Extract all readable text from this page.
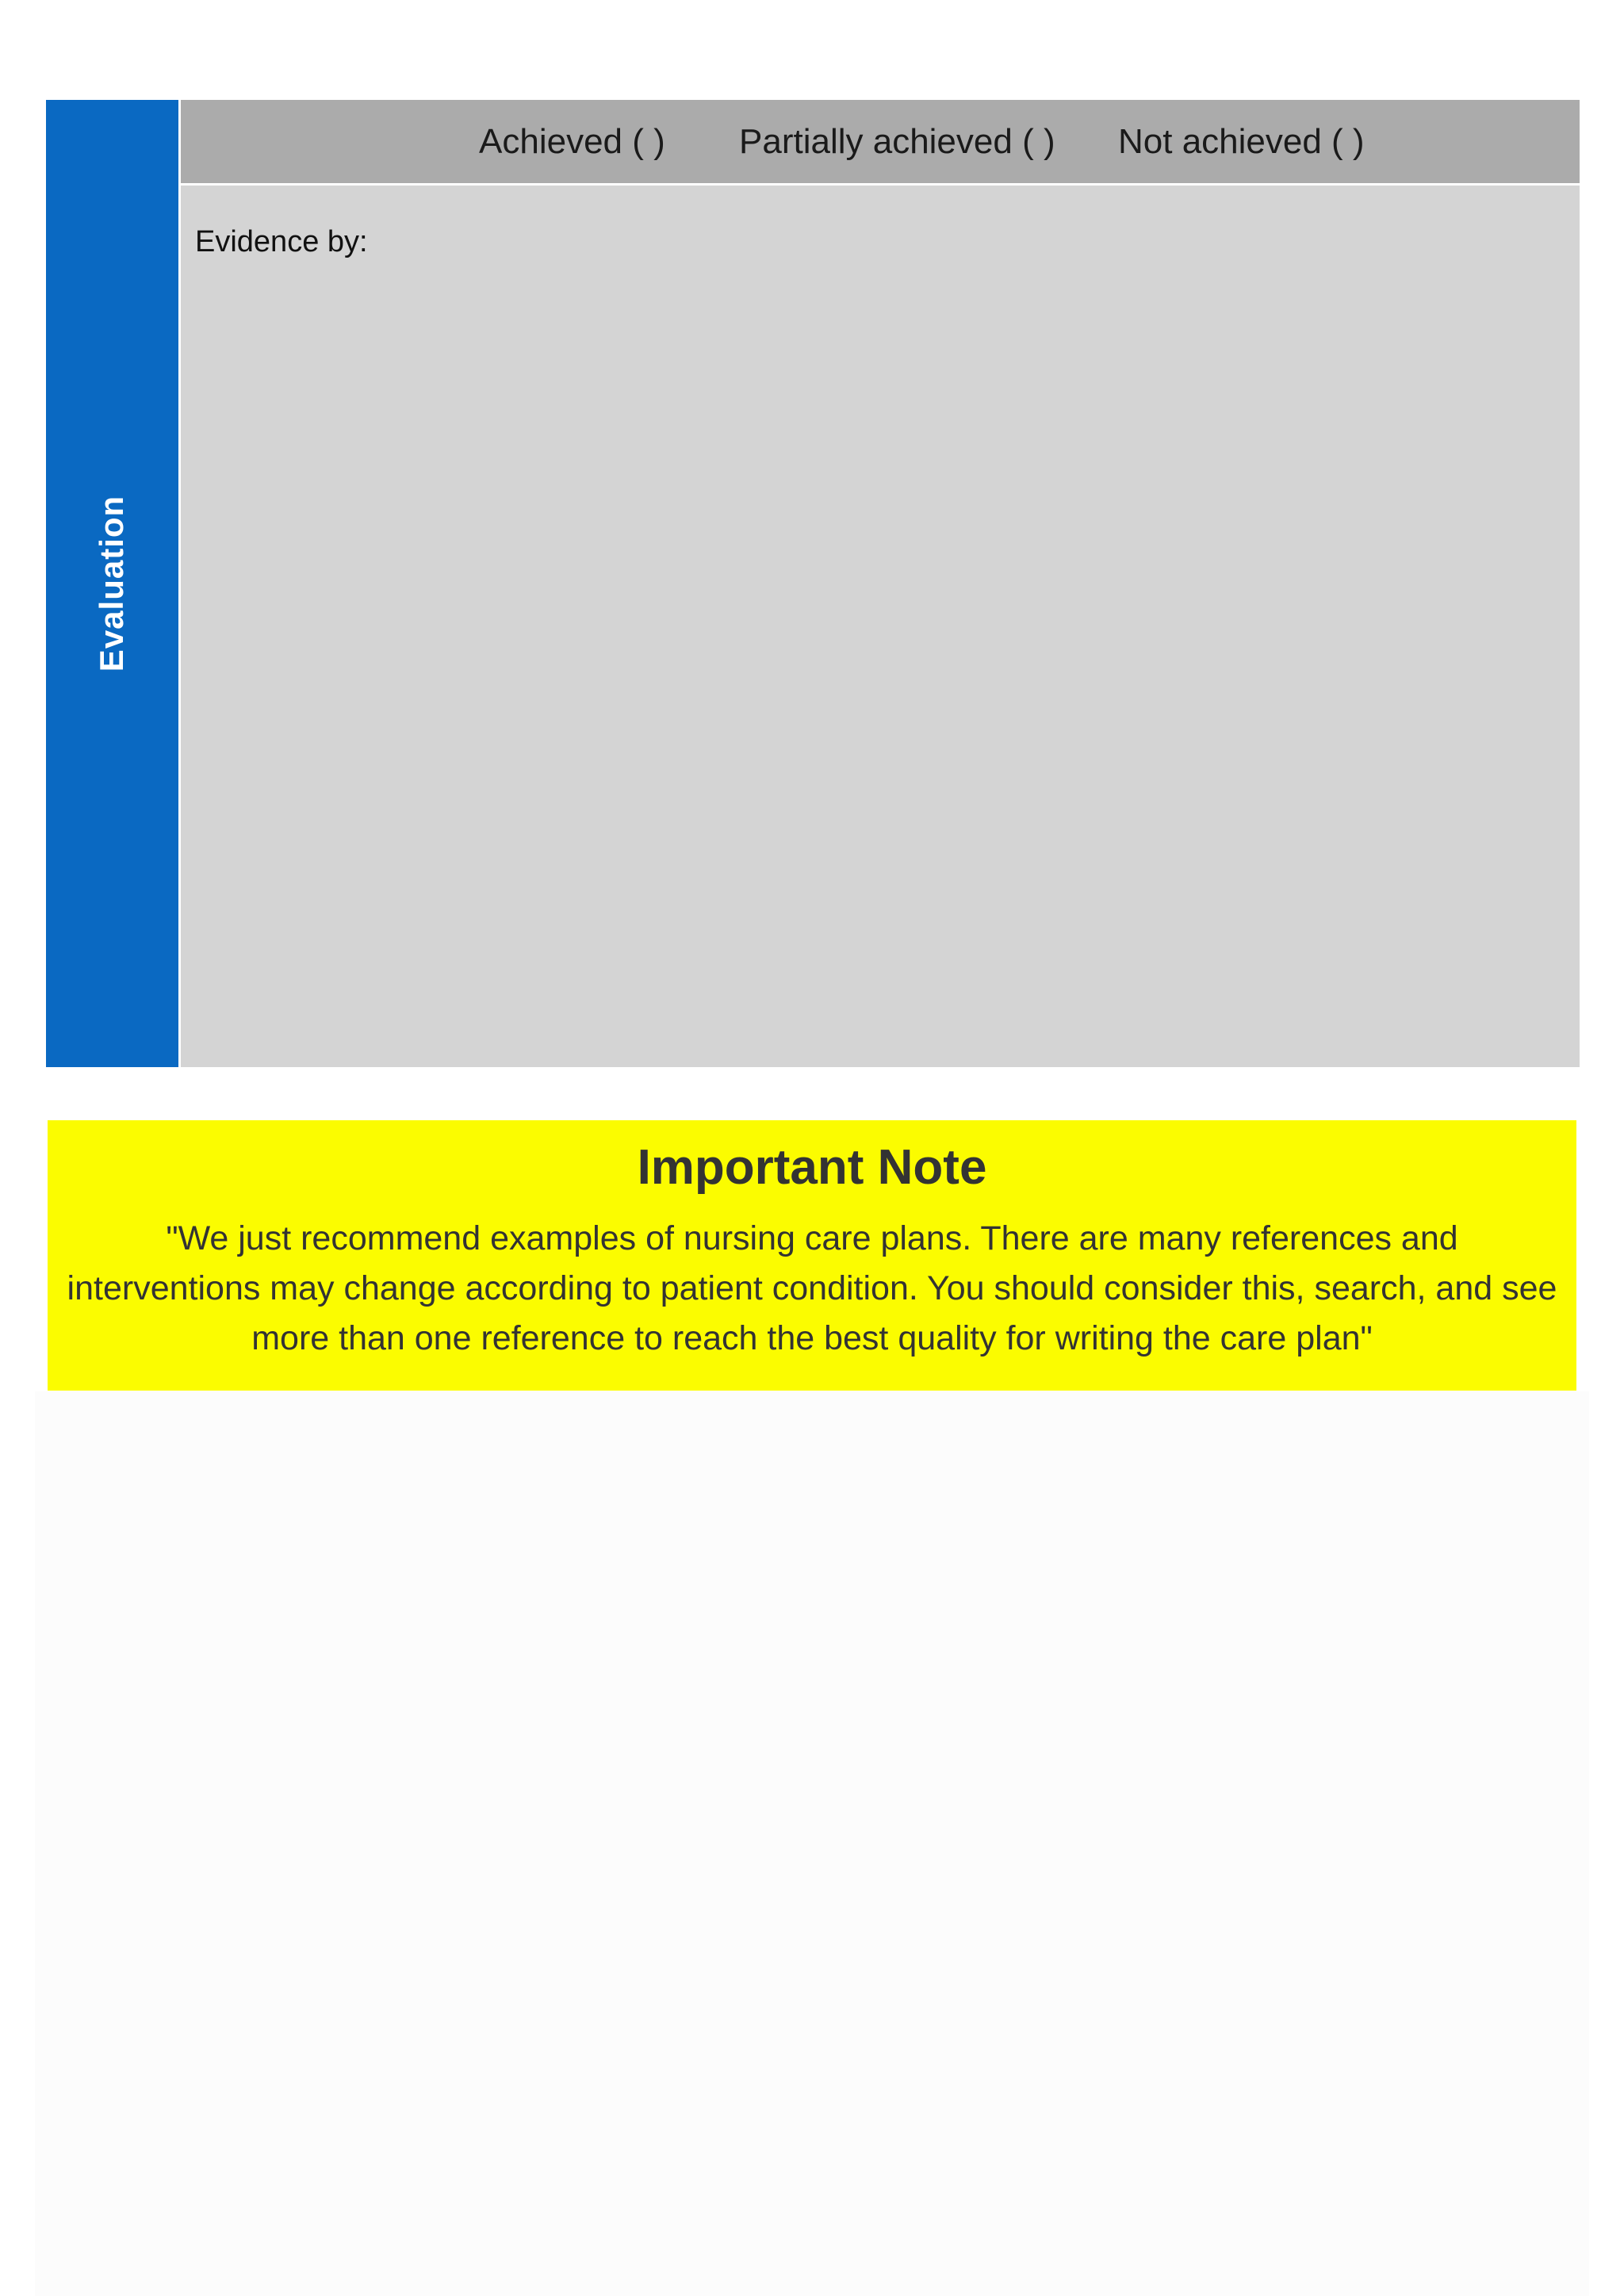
Evaluation
Achieved ( ) Partially achieved ( ) Not achieved ( )
Evidence by:
Important Note
"We just recommend examples of nursing care plans. There are many references and interventions may change according to patient condition. You should consider this, search, and see more than one reference to reach the best quality for writing the care plan"
